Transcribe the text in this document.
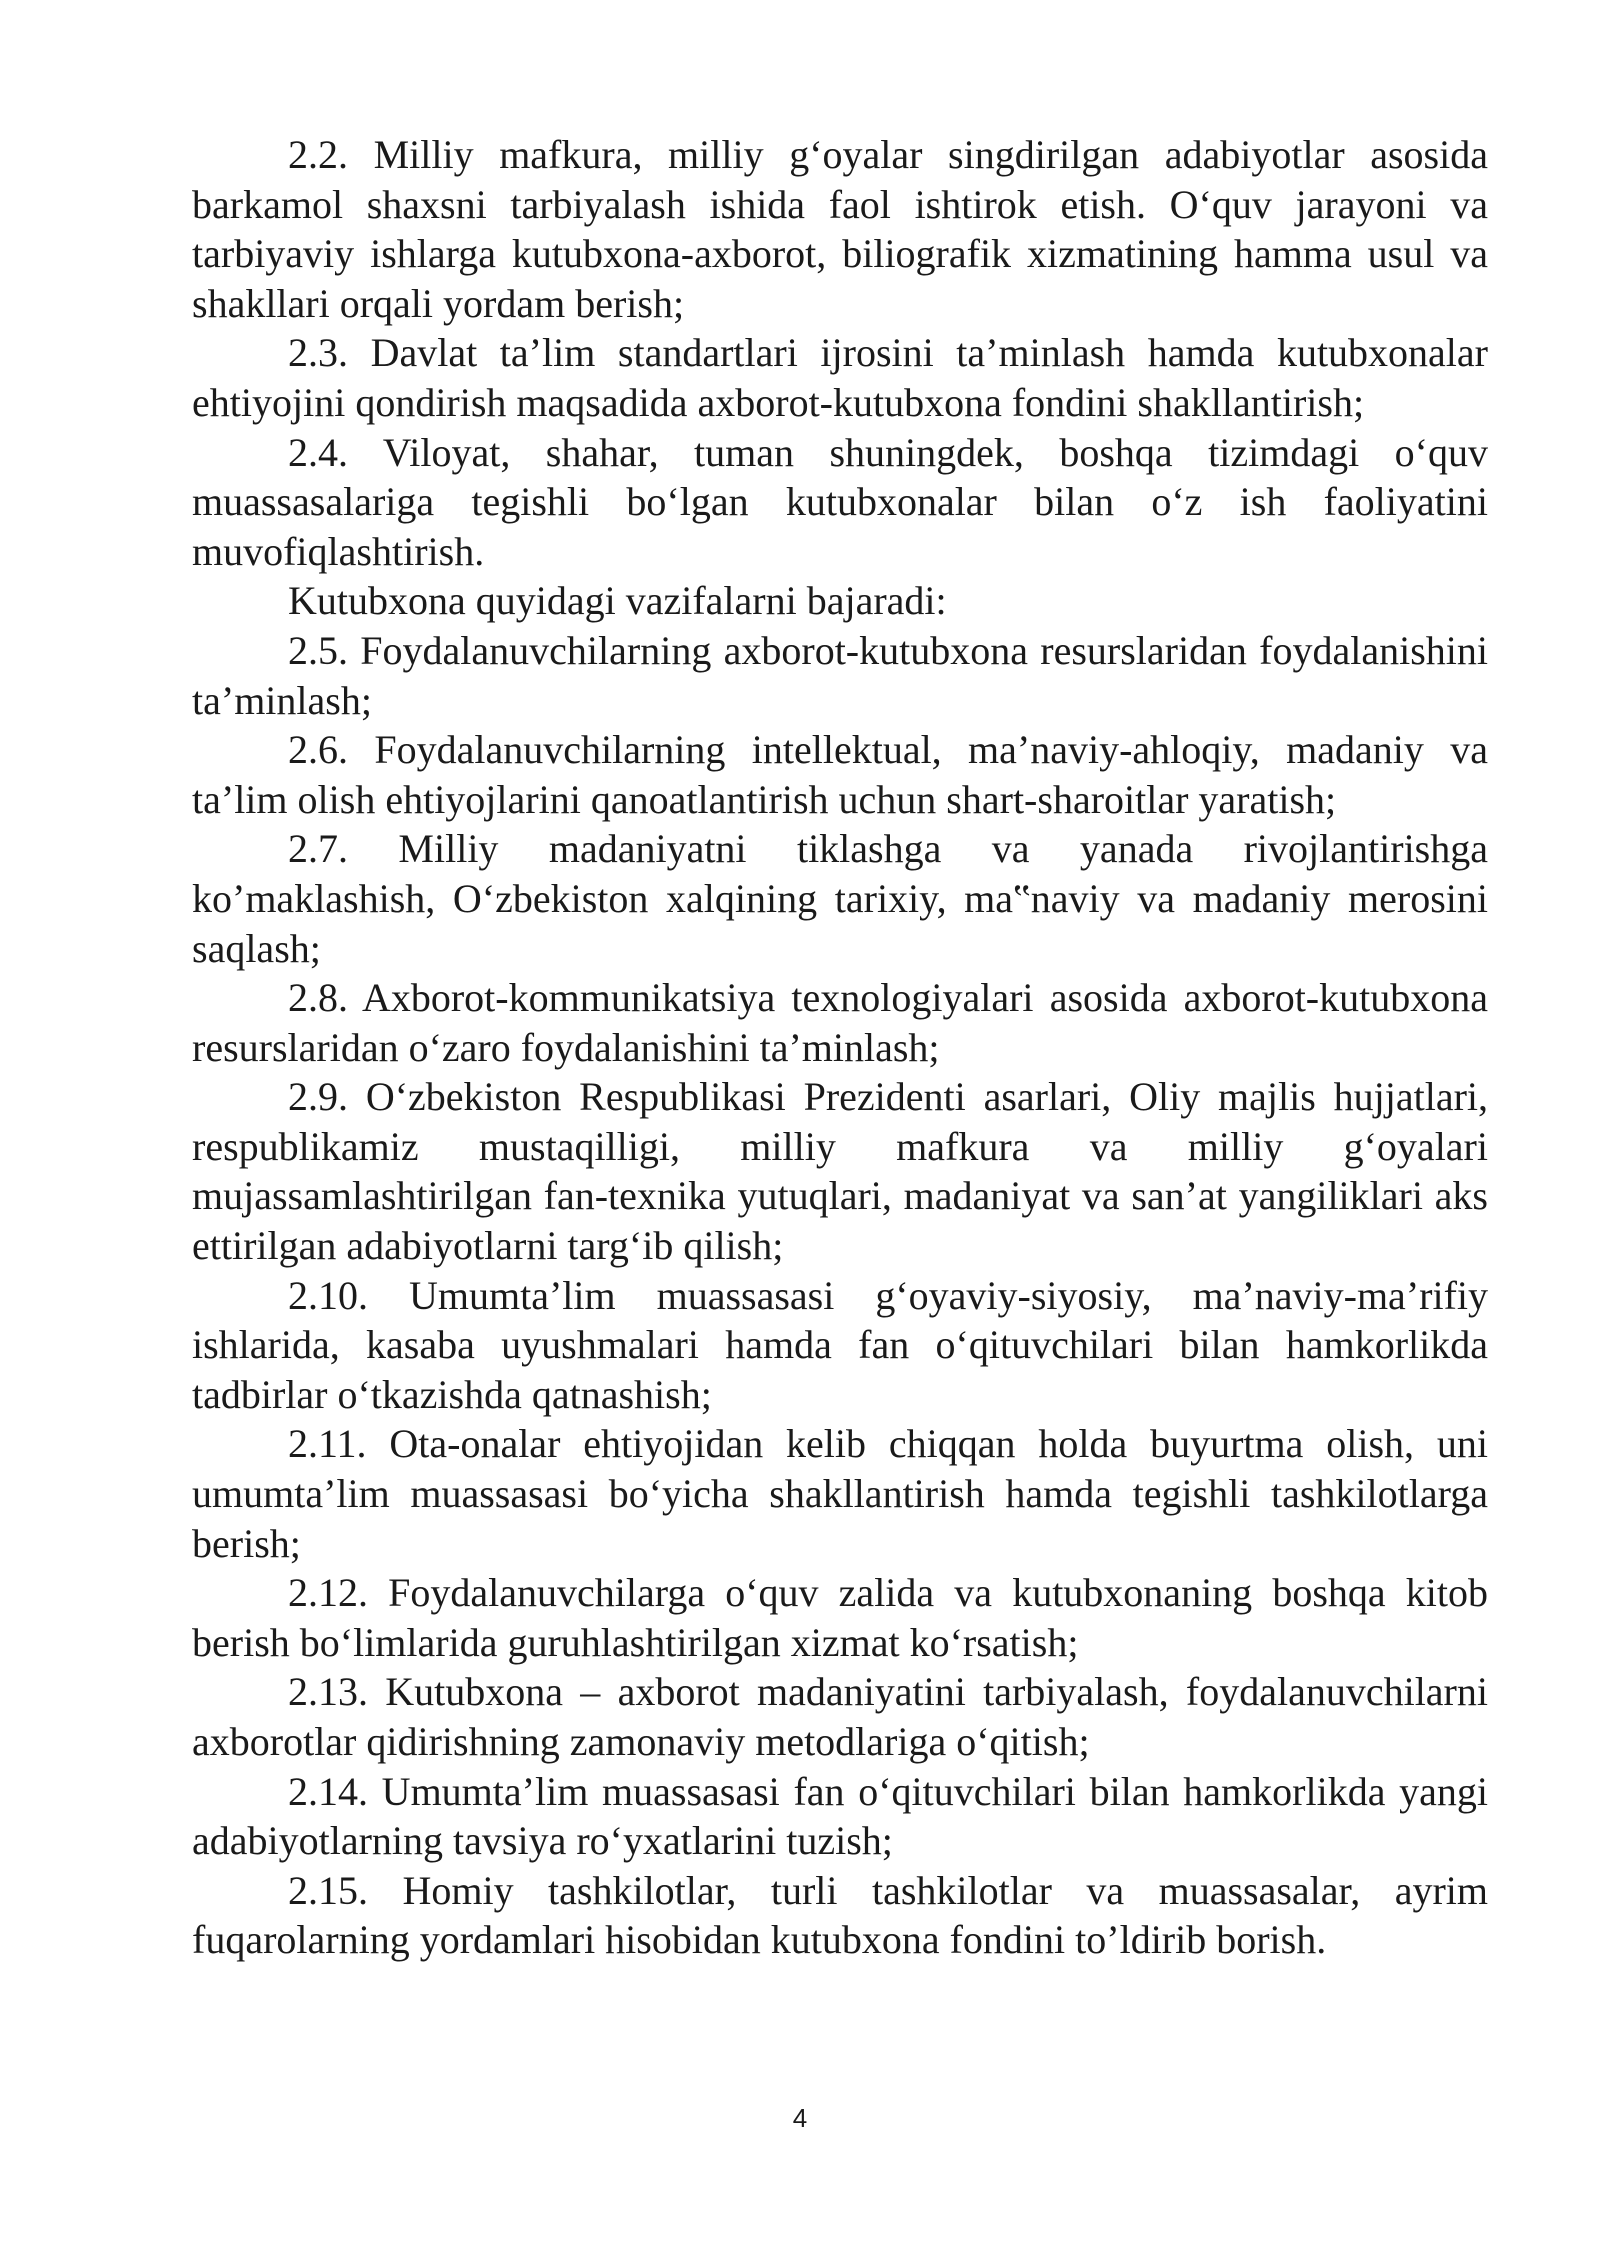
2.2. Milliy mafkura, milliy g‘oyalar singdirilgan adabiyotlar asosida barkamol shaxsni tarbiyalash ishida faol ishtirok etish. O‘quv jarayoni va tarbiyaviy ishlarga kutubxona-axborot, biliografik xizmatining hamma usul va shakllari orqali yordam berish;

2.3. Davlat ta’lim standartlari ijrosini ta’minlash hamda kutubxonalar ehtiyojini qondirish maqsadida axborot-kutubxona fondini shakllantirish;

2.4. Viloyat, shahar, tuman shuningdek, boshqa tizimdagi o‘quv muassasalariga tegishli bo‘lgan kutubxonalar bilan o‘z ish faoliyatini muvofiqlashtirish.

Kutubxona quyidagi vazifalarni bajaradi:

2.5. Foydalanuvchilarning axborot-kutubxona resurslaridan foydalanishini ta’minlash;

2.6. Foydalanuvchilarning intellektual, ma’naviy-ahloqiy, madaniy va ta’lim olish ehtiyojlarini qanoatlantirish uchun shart-sharoitlar yaratish;

2.7. Milliy madaniyatni tiklashga va yanada rivojlantirishga ko’maklashish, O‘zbekiston xalqining tarixiy, ma‟naviy va madaniy merosini saqlash;

2.8. Axborot-kommunikatsiya texnologiyalari asosida axborot-kutubxona resurslaridan o‘zaro foydalanishini ta’minlash;

2.9. O‘zbekiston Respublikasi Prezidenti asarlari, Oliy majlis hujjatlari, respublikamiz mustaqilligi, milliy mafkura va milliy g‘oyalari mujassamlashtirilgan fan-texnika yutuqlari, madaniyat va san’at yangiliklari aks ettirilgan adabiyotlarni targ‘ib qilish;

2.10. Umumta’lim muassasasi g‘oyaviy-siyosiy, ma’naviy-ma’rifiy ishlarida, kasaba uyushmalari hamda fan o‘qituvchilari bilan hamkorlikda tadbirlar o‘tkazishda qatnashish;

2.11. Ota-onalar ehtiyojidan kelib chiqqan holda buyurtma olish, uni umumta’lim muassasasi bo‘yicha shakllantirish hamda tegishli tashkilotlarga berish;

2.12. Foydalanuvchilarga o‘quv zalida va kutubxonaning boshqa kitob berish bo‘limlarida guruhlashtirilgan xizmat ko‘rsatish;

2.13. Kutubxona – axborot madaniyatini tarbiyalash, foydalanuvchilarni axborotlar qidirishning zamonaviy metodlariga o‘qitish;

2.14. Umumta’lim muassasasi fan o‘qituvchilari bilan hamkorlikda yangi adabiyotlarning tavsiya ro‘yxatlarini tuzish;

2.15. Homiy tashkilotlar, turli tashkilotlar va muassasalar, ayrim fuqarolarning yordamlari hisobidan kutubxona fondini to’ldirib borish.

4
